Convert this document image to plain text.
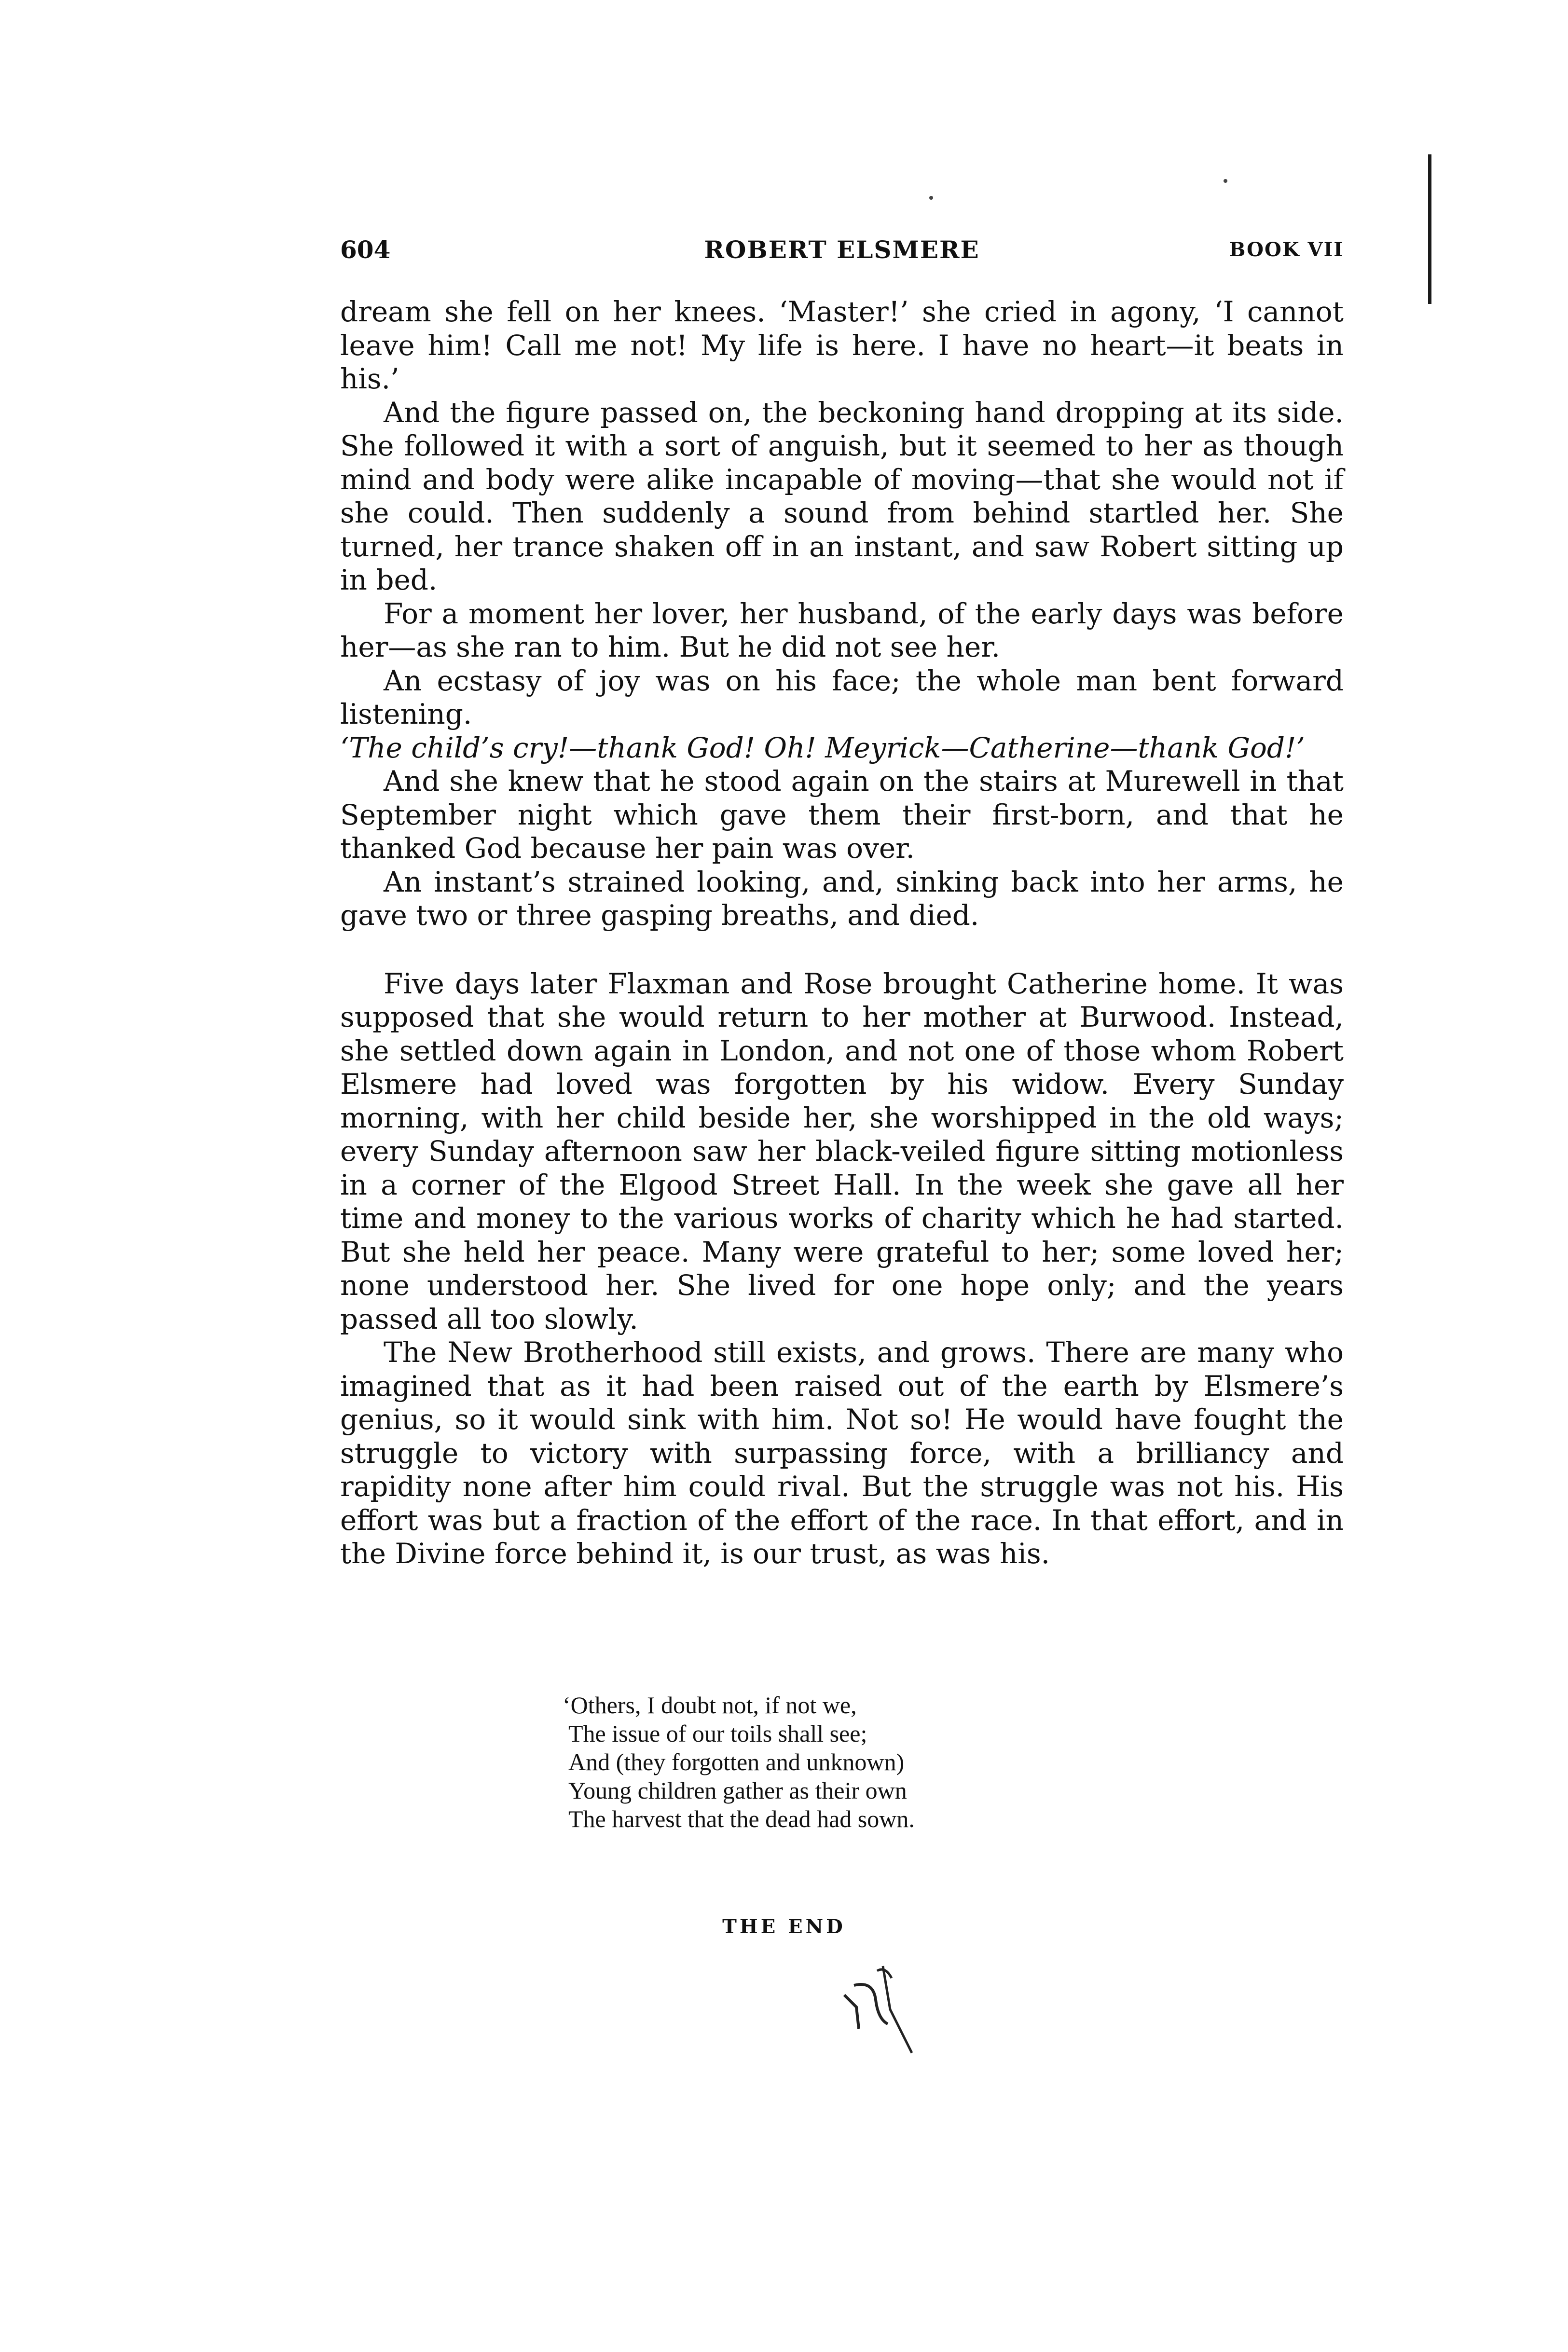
604	ROBERT ELSMERE	BOOK VII

dream she fell on her knees. ‘Master!’ she cried in agony, ‘I cannot leave him! Call me not! My life is here. I have no heart—it beats in his.’

And the figure passed on, the beckoning hand dropping at its side. She followed it with a sort of anguish, but it seemed to her as though mind and body were alike incapable of moving—that she would not if she could. Then suddenly a sound from behind startled her. She turned, her trance shaken off in an instant, and saw Robert sitting up in bed.

For a moment her lover, her husband, of the early days was before her—as she ran to him. But he did not see her.

An ecstasy of joy was on his face; the whole man bent forward listening.

‘The child’s cry!—thank God! Oh! Meyrick—Catherine—thank God!’

And she knew that he stood again on the stairs at Murewell in that September night which gave them their first-born, and that he thanked God because her pain was over.

An instant’s strained looking, and, sinking back into her arms, he gave two or three gasping breaths, and died.

Five days later Flaxman and Rose brought Catherine home. It was supposed that she would return to her mother at Burwood. Instead, she settled down again in London, and not one of those whom Robert Elsmere had loved was forgotten by his widow. Every Sunday morning, with her child beside her, she worshipped in the old ways; every Sunday afternoon saw her black-veiled figure sitting motionless in a corner of the Elgood Street Hall. In the week she gave all her time and money to the various works of charity which he had started. But she held her peace. Many were grateful to her; some loved her; none understood her. She lived for one hope only; and the years passed all too slowly.

The New Brotherhood still exists, and grows. There are many who imagined that as it had been raised out of the earth by Elsmere’s genius, so it would sink with him. Not so! He would have fought the struggle to victory with surpassing force, with a brilliancy and rapidity none after him could rival. But the struggle was not his. His effort was but a fraction of the effort of the race. In that effort, and in the Divine force behind it, is our trust, as was his.

‘Others, I doubt not, if not we,
The issue of our toils shall see;
And (they forgotten and unknown)
Young children gather as their own
The harvest that the dead had sown.
THE END
